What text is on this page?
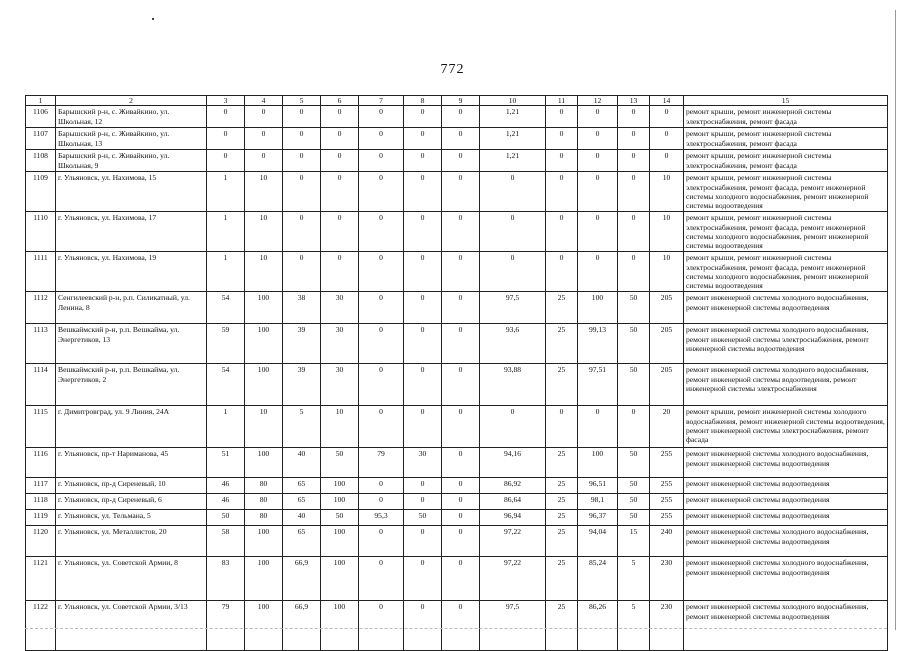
772
1	2	3	4	5	6	7	8	9	10	11	12	13	14	15
1106	Барышский р-н, с. Живайкино, ул. Школьная, 12	0	0	0	0	0	0	0	1,21	0	0	0	0	ремонт крыши, ремонт инженерной системы электроснабжения, ремонт фасада
1107	Барышский р-н, с. Живайкино, ул. Школьная, 13	0	0	0	0	0	0	0	1,21	0	0	0	0	ремонт крыши, ремонт инженерной системы электроснабжения, ремонт фасада
1108	Барышский р-н, с. Живайкино, ул. Школьная, 9	0	0	0	0	0	0	0	1,21	0	0	0	0	ремонт крыши, ремонт инженерной системы электроснабжения, ремонт фасада
1109	г. Ульяновск, ул. Нахимова, 15	1	10	0	0	0	0	0	0	0	0	0	10	ремонт крыши, ремонт инженерной системы электроснабжения, ремонт фасада, ремонт инженерной системы холодного водоснабжения, ремонт инженерной системы водоотведения
1110	г. Ульяновск, ул. Нахимова, 17	1	10	0	0	0	0	0	0	0	0	0	10	ремонт крыши, ремонт инженерной системы электроснабжения, ремонт фасада, ремонт инженерной системы холодного водоснабжения, ремонт инженерной системы водоотведения
1111	г. Ульяновск, ул. Нахимова, 19	1	10	0	0	0	0	0	0	0	0	0	10	ремонт крыши, ремонт инженерной системы электроснабжения, ремонт фасада, ремонт инженерной системы холодного водоснабжения, ремонт инженерной системы водоотведения
1112	Сенгилеевский р-н, р.п. Силикатный, ул. Ленина, 8	54	100	38	30	0	0	0	97,5	25	100	50	205	ремонт инженерной системы холодного водоснабжения, ремонт инженерной системы водоотведения
1113	Вешкаймский р-н, р.п. Вешкайма, ул. Энергетиков, 13	59	100	39	30	0	0	0	93,6	25	99,13	50	205	ремонт инженерной системы холодного водоснабжения, ремонт инженерной системы электроснабжения, ремонт инженерной системы водоотведения
1114	Вешкаймский р-н, р.п. Вешкайма, ул. Энергетиков, 2	54	100	39	30	0	0	0	93,88	25	97,51	50	205	ремонт инженерной системы холодного водоснабжения, ремонт инженерной системы водоотведения, ремонт инженерной системы электроснабжения
1115	г. Димитровград, ул. 9 Линия, 24А	1	10	5	10	0	0	0	0	0	0	0	20	ремонт крыши, ремонт инженерной системы холодного водоснабжения, ремонт инженерной системы водоотведения, ремонт инженерной системы электроснабжения, ремонт фасада
1116	г. Ульяновск, пр-т Нариманова, 45	51	100	40	50	79	30	0	94,16	25	100	50	255	ремонт инженерной системы холодного водоснабжения, ремонт инженерной системы водоотведения
1117	г. Ульяновск, пр-д Сиреневый, 10	46	80	65	100	0	0	0	86,92	25	96,51	50	255	ремонт инженерной системы водоотведения
1118	г. Ульяновск, пр-д Сиреневый, 6	46	80	65	100	0	0	0	86,64	25	98,1	50	255	ремонт инженерной системы водоотведения
1119	г. Ульяновск, ул. Тельмана, 5	50	80	40	50	95,3	50	0	96,94	25	96,37	50	255	ремонт инженерной системы водоотведения
1120	г. Ульяновск, ул. Металлистов, 20	58	100	65	100	0	0	0	97,22	25	94,04	15	240	ремонт инженерной системы холодного водоснабжения, ремонт инженерной системы водоотведения
1121	г. Ульяновск, ул. Советской Армии, 8	83	100	66,9	100	0	0	0	97,22	25	85,24	5	230	ремонт инженерной системы холодного водоснабжения, ремонт инженерной системы водоотведения
1122	г. Ульяновск, ул. Советской Армии, 3/13	79	100	66,9	100	0	0	0	97,5	25	86,26	5	230	ремонт инженерной системы холодного водоснабжения, ремонт инженерной системы водоотведения
